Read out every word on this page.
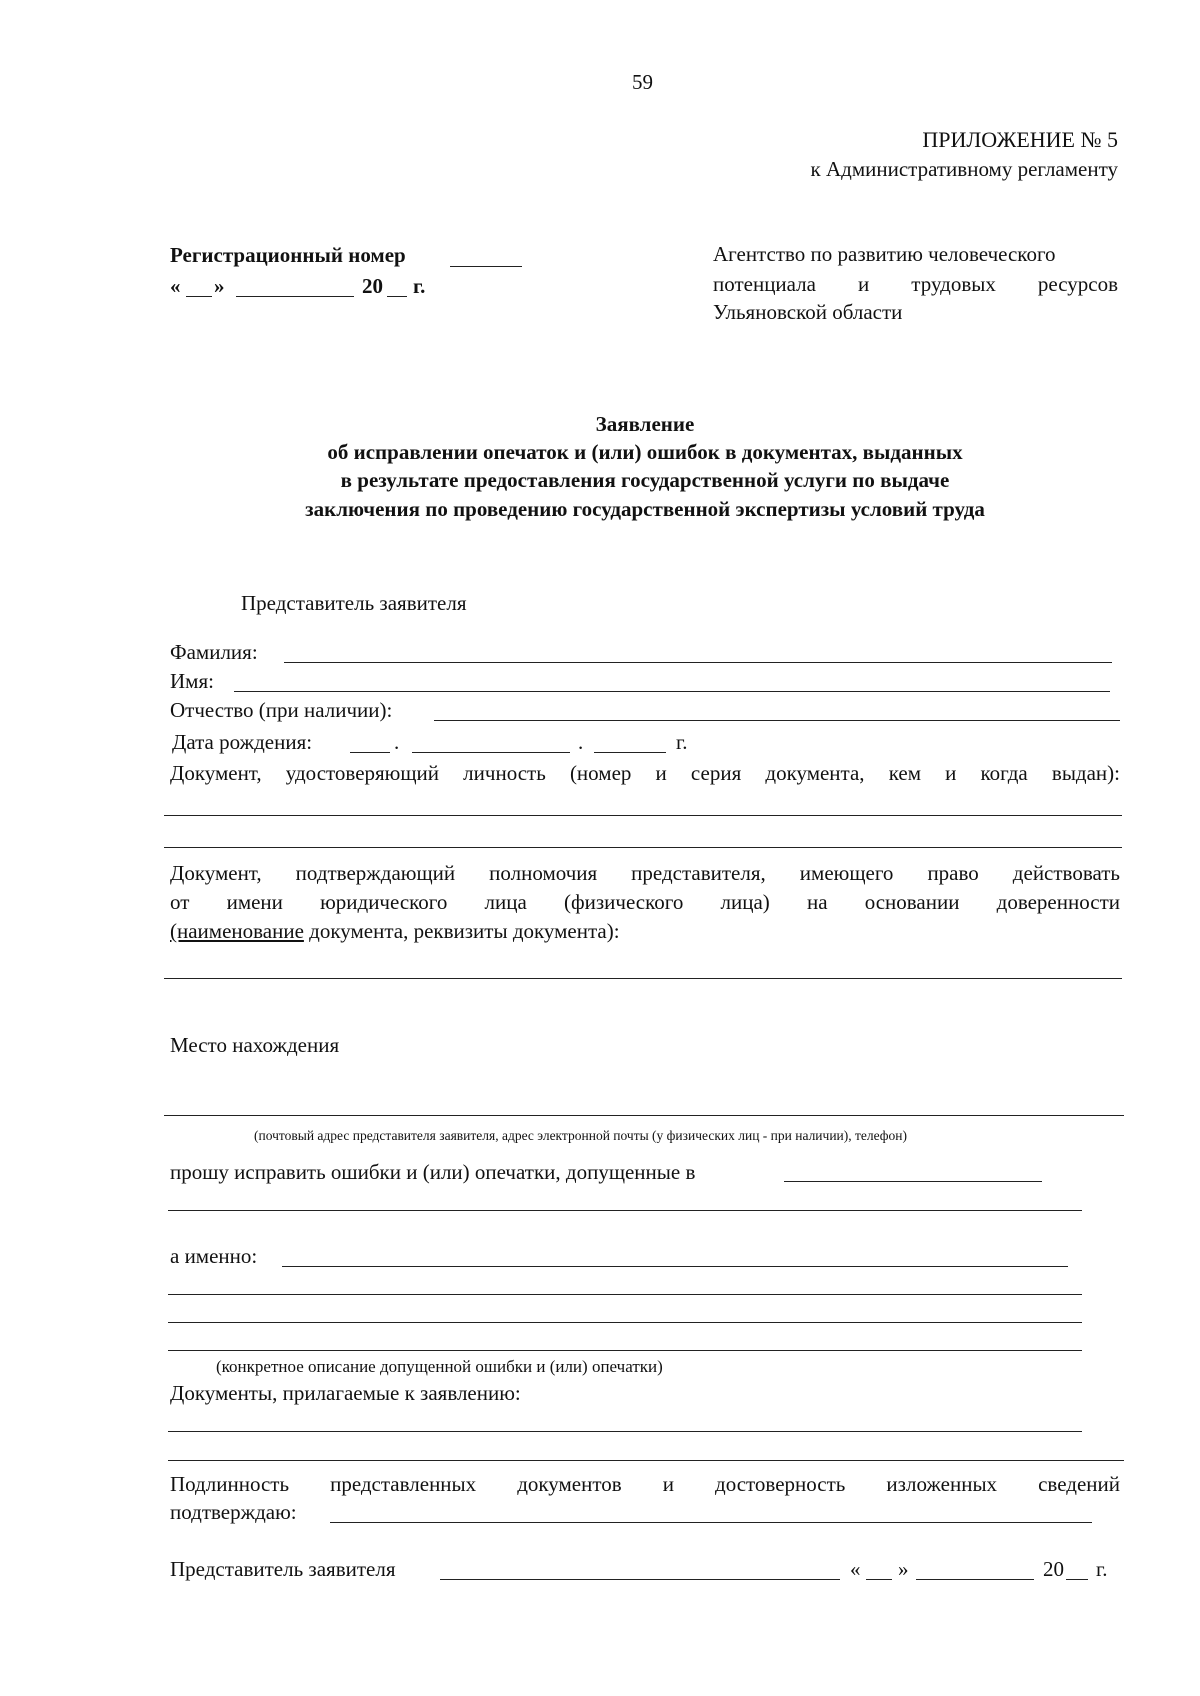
59
ПРИЛОЖЕНИЕ № 5
к Административному регламенту
Регистрационный номер
« »	20 г.
Агентство по развитию человеческого
потенциала и трудовых ресурсов
Ульяновской области
Заявление
об исправлении опечаток и (или) ошибок в документах, выданных
в результате предоставления государственной услуги по выдаче
заключения по проведению государственной экспертизы условий труда
Представитель заявителя
Фамилия:
Имя:
Отчество (при наличии):
Дата рождения:	.	.	г.
Документ, удостоверяющий личность (номер и серия документа, кем и когда выдан):
Документ, подтверждающий полномочия представителя, имеющего право действовать
от имени юридического лица (физического лица) на основании доверенности
(наименование документа, реквизиты документа):
Место нахождения
(почтовый адрес представителя заявителя, адрес электронной почты (у физических лиц - при наличии), телефон)
прошу исправить ошибки и (или) опечатки, допущенные в
а именно:
(конкретное описание допущенной ошибки и (или) опечатки)
Документы, прилагаемые к заявлению:
Подлинность представленных документов и достоверность изложенных сведений
подтверждаю:
Представитель заявителя	« »	20 г.
